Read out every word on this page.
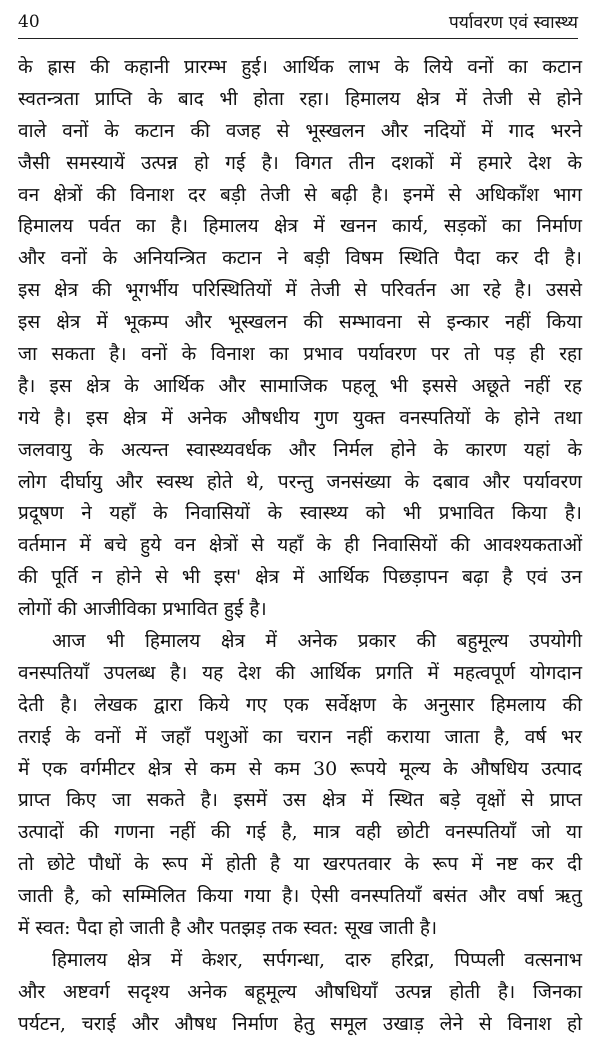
40	पर्यावरण एवं स्वास्थ्य
के ह्रास की कहानी प्रारम्भ हुई। आर्थिक लाभ के लिये वनों का कटान
स्वतन्त्रता प्राप्ति के बाद भी होता रहा। हिमालय क्षेत्र में तेजी से होने
वाले वनों के कटान की वजह से भूस्खलन और नदियों में गाद भरने
जैसी समस्यायें उत्पन्न हो गई है। विगत तीन दशकों में हमारे देश के
वन क्षेत्रों की विनाश दर बड़ी तेजी से बढ़ी है। इनमें से अधिकाँश भाग
हिमालय पर्वत का है। हिमालय क्षेत्र में खनन कार्य, सड़कों का निर्माण
और वनों के अनियन्त्रित कटान ने बड़ी विषम स्थिति पैदा कर दी है।
इस क्षेत्र की भूगर्भीय परिस्थितियों में तेजी से परिवर्तन आ रहे है। उससे
इस क्षेत्र में भूकम्प और भूस्खलन की सम्भावना से इन्कार नहीं किया
जा सकता है। वनों के विनाश का प्रभाव पर्यावरण पर तो पड़ ही रहा
है। इस क्षेत्र के आर्थिक और सामाजिक पहलू भी इससे अछूते नहीं रह
गये है। इस क्षेत्र में अनेक औषधीय गुण युक्त वनस्पतियों के होने तथा
जलवायु के अत्यन्त स्वास्थ्यवर्धक और निर्मल होने के कारण यहां के
लोग दीर्घायु और स्वस्थ होते थे, परन्तु जनसंख्या के दबाव और पर्यावरण
प्रदूषण ने यहाँ के निवासियों के स्वास्थ्य को भी प्रभावित किया है।
वर्तमान में बचे हुये वन क्षेत्रों से यहाँ के ही निवासियों की आवश्यकताओं
की पूर्ति न होने से भी इस' क्षेत्र में आर्थिक पिछड़ापन बढ़ा है एवं उन
लोगों की आजीविका प्रभावित हुई है।
आज भी हिमालय क्षेत्र में अनेक प्रकार की बहुमूल्य उपयोगी
वनस्पतियाँ उपलब्ध है। यह देश की आर्थिक प्रगति में महत्वपूर्ण योगदान
देती है। लेखक द्वारा किये गए एक सर्वेक्षण के अनुसार हिमलाय की
तराई के वनों में जहाँ पशुओं का चरान नहीं कराया जाता है, वर्ष भर
में एक वर्गमीटर क्षेत्र से कम से कम 30 रूपये मूल्य के औषधिय उत्पाद
प्राप्त किए जा सकते है। इसमें उस क्षेत्र में स्थित बड़े वृक्षों से प्राप्त
उत्पादों की गणना नहीं की गई है, मात्र वही छोटी वनस्पतियाँ जो या
तो छोटे पौधों के रूप में होती है या खरपतवार के रूप में नष्ट कर दी
जाती है, को सम्मिलित किया गया है। ऐसी वनस्पतियाँ बसंत और वर्षा ऋतु
में स्वत: पैदा हो जाती है और पतझड़ तक स्वत: सूख जाती है।
हिमालय क्षेत्र में केशर, सर्पगन्धा, दारु हरिद्रा, पिप्पली वत्सनाभ
और अष्टवर्ग सदृश्य अनेक बहूमूल्य औषधियाँ उत्पन्न होती है। जिनका
पर्यटन, चराई और औषध निर्माण हेतु समूल उखाड़ लेने से विनाश हो
